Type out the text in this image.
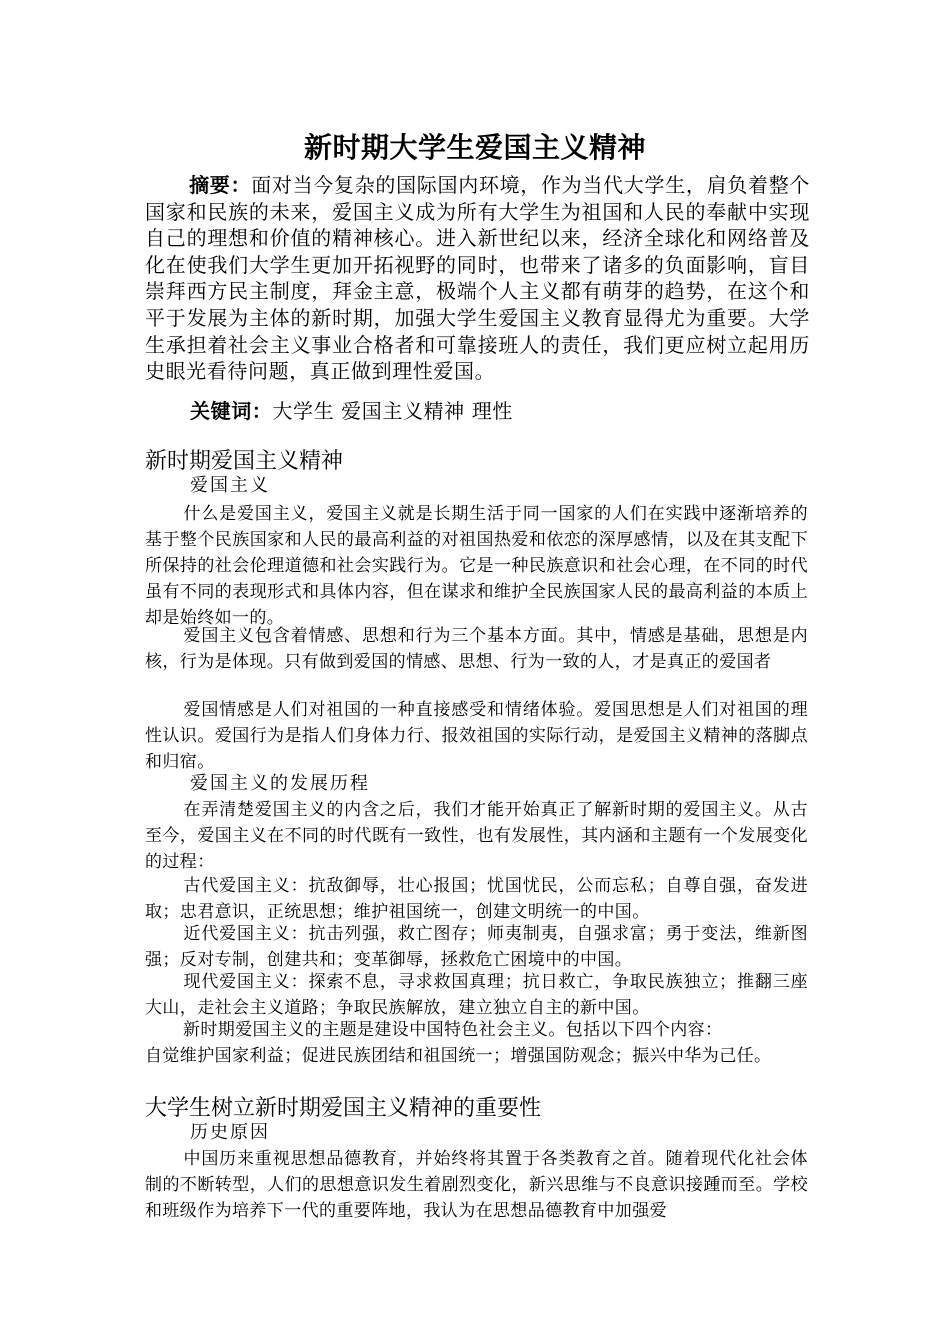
新时期大学生爱国主义精神
摘要：面对当今复杂的国际国内环境，作为当代大学生，肩负着整个国家和民族的未来，爱国主义成为所有大学生为祖国和人民的奉献中实现自己的理想和价值的精神核心。进入新世纪以来，经济全球化和网络普及化在使我们大学生更加开拓视野的同时，也带来了诸多的负面影响，盲目崇拜西方民主制度，拜金主意，极端个人主义都有萌芽的趋势，在这个和平于发展为主体的新时期，加强大学生爱国主义教育显得尤为重要。大学生承担着社会主义事业合格者和可靠接班人的责任，我们更应树立起用历史眼光看待问题，真正做到理性爱国。
关键词：大学生 爱国主义精神 理性
新时期爱国主义精神
爱国主义

什么是爱国主义，爱国主义就是长期生活于同一国家的人们在实践中逐渐培养的基于整个民族国家和人民的最高利益的对祖国热爱和依恋的深厚感情，以及在其支配下所保持的社会伦理道德和社会实践行为。它是一种民族意识和社会心理，在不同的时代虽有不同的表现形式和具体内容，但在谋求和维护全民族国家人民的最高利益的本质上却是始终如一的。

爱国主义包含着情感、思想和行为三个基本方面。其中，情感是基础，思想是内核，行为是体现。只有做到爱国的情感、思想、行为一致的人，才是真正的爱国者

爱国情感是人们对祖国的一种直接感受和情绪体验。爱国思想是人们对祖国的理性认识。爱国行为是指人们身体力行、报效祖国的实际行动，是爱国主义精神的落脚点和归宿。

爱国主义的发展历程

在弄清楚爱国主义的内含之后，我们才能开始真正了解新时期的爱国主义。从古至今，爱国主义在不同的时代既有一致性，也有发展性，其内涵和主题有一个发展变化的过程：

古代爱国主义：抗敌御辱，壮心报国；忧国忧民，公而忘私；自尊自强，奋发进取；忠君意识，正统思想；维护祖国统一，创建文明统一的中国。

近代爱国主义：抗击列强，救亡图存；师夷制夷，自强求富；勇于变法，维新图强；反对专制，创建共和；变革御辱，拯救危亡困境中的中国。

现代爱国主义：探索不息，寻求救国真理；抗日救亡，争取民族独立；推翻三座大山，走社会主义道路；争取民族解放，建立独立自主的新中国。

新时期爱国主义的主题是建设中国特色社会主义。包括以下四个内容：

自觉维护国家利益；促进民族团结和祖国统一；增强国防观念；振兴中华为己任。

大学生树立新时期爱国主义精神的重要性
历史原因

中国历来重视思想品德教育，并始终将其置于各类教育之首。随着现代化社会体制的不断转型，人们的思想意识发生着剧烈变化，新兴思维与不良意识接踵而至。学校和班级作为培养下一代的重要阵地，我认为在思想品德教育中加强爱
